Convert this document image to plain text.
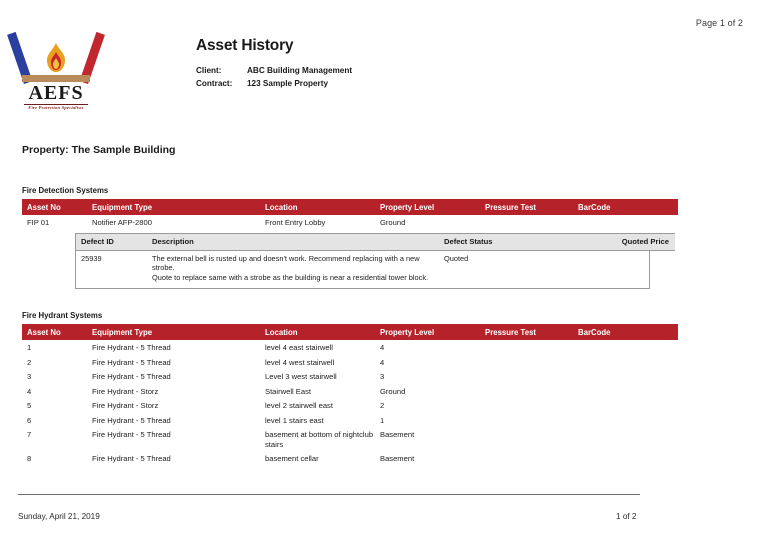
Page 1 of 2
AEFS
Fire Protection Specialists
Asset History
Client:	ABC Building Management
Contract:	123 Sample Property
Property: The Sample Building
Fire Detection Systems
Asset No	Equipment Type	Location	Property Level	Pressure Test	BarCode
FIP 01	Notifier AFP-2800	Front Entry Lobby	Ground		

Defect ID	Description	Defect Status	Quoted Price
25939	The external bell is rusted up and doesn't work. Recommend replacing with a new strobe.
Quote to replace same with a strobe as the building is near a residential tower block.	Quoted	
Fire Hydrant Systems
Asset No	Equipment Type	Location	Property Level	Pressure Test	BarCode
1	Fire Hydrant - 5 Thread	level 4 east stairwell	4		
2	Fire Hydrant - 5 Thread	level 4 west stairwell	4		
3	Fire Hydrant - 5 Thread	Level 3 west stairwell	3		
4	Fire Hydrant - Storz	Stairwell East	Ground		
5	Fire Hydrant - Storz	level 2 stairwell east	2		
6	Fire Hydrant - 5 Thread	level 1 stairs east	1		
7	Fire Hydrant - 5 Thread	basement at bottom of nightclub stairs	Basement		
8	Fire Hydrant - 5 Thread	basement cellar	Basement		
Sunday, April 21, 2019	1 of 2
